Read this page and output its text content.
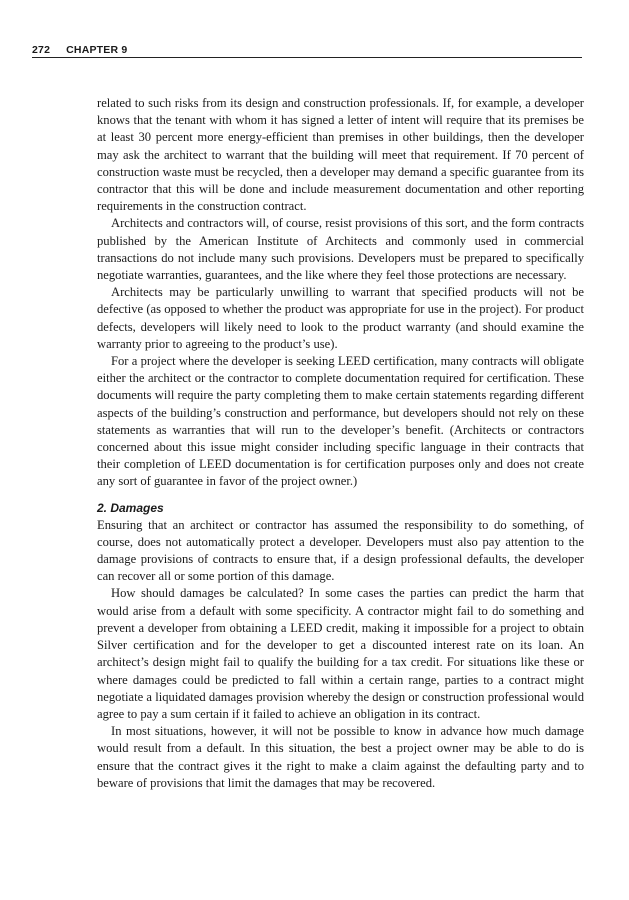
272 CHAPTER 9

related to such risks from its design and construction professionals. If, for example, a developer knows that the tenant with whom it has signed a letter of intent will require that its premises be at least 30 percent more energy-efficient than premises in other buildings, then the developer may ask the architect to warrant that the building will meet that requirement. If 70 percent of construction waste must be recycled, then a developer may demand a specific guarantee from its contractor that this will be done and include measurement documentation and other reporting requirements in the construction contract.

Architects and contractors will, of course, resist provisions of this sort, and the form contracts published by the American Institute of Architects and commonly used in commercial transactions do not include many such provisions. Developers must be prepared to specifically negotiate warranties, guarantees, and the like where they feel those protections are necessary.

Architects may be particularly unwilling to warrant that specified products will not be defective (as opposed to whether the product was appropriate for use in the project). For product defects, developers will likely need to look to the product warranty (and should examine the warranty prior to agreeing to the product’s use).

For a project where the developer is seeking LEED certification, many contracts will obligate either the architect or the contractor to complete documentation required for certification. These documents will require the party completing them to make certain statements regarding different aspects of the building’s construction and performance, but developers should not rely on these statements as warranties that will run to the developer’s benefit. (Architects or contractors concerned about this issue might consider including specific language in their contracts that their completion of LEED documentation is for certification purposes only and does not create any sort of guarantee in favor of the project owner.)

2. Damages

Ensuring that an architect or contractor has assumed the responsibility to do something, of course, does not automatically protect a developer. Developers must also pay attention to the damage provisions of contracts to ensure that, if a design professional defaults, the developer can recover all or some portion of this damage.

How should damages be calculated? In some cases the parties can predict the harm that would arise from a default with some specificity. A contractor might fail to do something and prevent a developer from obtaining a LEED credit, making it impossible for a project to obtain Silver certification and for the developer to get a discounted interest rate on its loan. An architect’s design might fail to qualify the building for a tax credit. For situations like these or where damages could be predicted to fall within a certain range, parties to a contract might negotiate a liquidated damages provision whereby the design or construction professional would agree to pay a sum certain if it failed to achieve an obligation in its contract.

In most situations, however, it will not be possible to know in advance how much damage would result from a default. In this situation, the best a project owner may be able to do is ensure that the contract gives it the right to make a claim against the defaulting party and to beware of provisions that limit the damages that may be recovered.
